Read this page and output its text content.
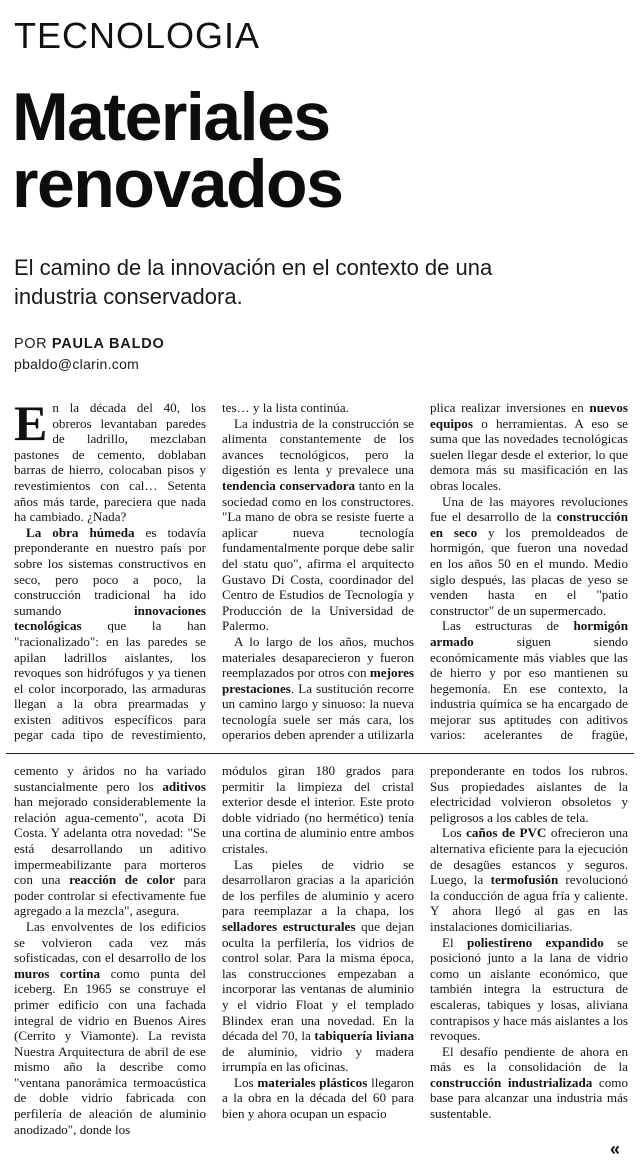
TECNOLOGIA
Materiales
renovados
El camino de la innovación en el contexto de una industria conservadora.
POR PAULA BALDO
pbaldo@clarin.com

En la década del 40, los obreros levantaban paredes de ladrillo, mezclaban pastones de cemento, doblaban barras de hierro, colocaban pisos y revestimientos con cal… Setenta años más tarde, pareciera que nada ha cambiado. ¿Nada?

La obra húmeda es todavía preponderante en nuestro país por sobre los sistemas constructivos en seco, pero poco a poco, la construcción tradicional ha ido sumando innovaciones tecnológicas que la han "racionalizado": en las paredes se apilan ladrillos aislantes, los revoques son hidrófugos y ya tienen el color incorporado, las armaduras llegan a la obra prearmadas y existen aditivos específicos para pegar cada tipo de revestimiento,

tes… y la lista continúa.

La industria de la construcción se alimenta constantemente de los avances tecnológicos, pero la digestión es lenta y prevalece una tendencia conservadora tanto en la sociedad como en los constructores. "La mano de obra se resiste fuerte a aplicar nueva tecnología fundamentalmente porque debe salir del statu quo", afirma el arquitecto Gustavo Di Costa, coordinador del Centro de Estudios de Tecnología y Producción de la Universidad de Palermo.

A lo largo de los años, muchos materiales desaparecieron y fueron reemplazados por otros con mejores prestaciones. La sustitución recorre un camino largo y sinuoso: la nueva tecnología suele ser más cara, los operarios deben aprender a utilizarla

plica realizar inversiones en nuevos equipos o herramientas. A eso se suma que las novedades tecnológicas suelen llegar desde el exterior, lo que demora más su masificación en las obras locales.

Una de las mayores revoluciones fue el desarrollo de la construcción en seco y los premoldeados de hormigón, que fueron una novedad en los años 50 en el mundo. Medio siglo después, las placas de yeso se venden hasta en el "patio constructor" de un supermercado.

Las estructuras de hormigón armado	siguen siendo económicamente más viables que las de hierro y por eso mantienen su hegemonía. En ese contexto, la industria química se ha encargado de mejorar sus aptitudes con aditivos varios: acelerantes de fragüe,

cemento y áridos no ha variado sustancialmente pero los aditivos han mejorado considerablemente la relación agua-cemento", acota Di Costa. Y adelanta otra novedad: "Se está desarrollando un aditivo impermeabilizante para morteros con una reacción de color para poder controlar si efectivamente fue agregado a la mezcla", asegura.

Las envolventes de los edificios se volvieron cada vez más sofisticadas, con el desarrollo de los muros cortina como punta del iceberg. En 1965 se construye el primer edificio con una fachada integral de vidrio en Buenos Aires (Cerrito y Viamonte). La revista Nuestra Arquitectura de abril de ese mismo año la describe como "ventana panorámica termoacústica de doble vidrio fabricada con perfilería de aleación de aluminio anodizado", donde los

módulos giran 180 grados para permitir la limpieza del cristal exterior desde el interior. Este proto doble vidriado (no hermético) tenía una cortina de aluminio entre ambos cristales.

Las pieles de vidrio se desarrollaron gracias a la aparición de los perfiles de aluminio y acero para reemplazar a la chapa, los selladores estructurales que dejan oculta la perfilería, los vidrios de control solar. Para la misma época, las construcciones empezaban a incorporar las ventanas de aluminio y el vidrio Float y el templado Blindex eran una novedad. En la década del 70, la tabiquería liviana de aluminio, vidrio y madera irrumpía en las oficinas.

Los materiales plásticos llegaron a la obra en la década del 60 para bien y ahora ocupan un espacio

preponderante en todos los rubros. Sus propiedades aislantes de la electricidad volvieron obsoletos y peligrosos a los cables de tela.

Los caños de PVC ofrecieron una alternativa eficiente para la ejecución de desagües estancos y seguros. Luego, la termofusión revolucionó la conducción de agua fría y caliente. Y ahora llegó al gas en las instalaciones domiciliarias.

El poliestireno expandido se posicionó junto a la lana de vidrio como un aislante económico, que también integra la estructura de escaleras, tabiques y losas, aliviana contrapisos y hace más aislantes a los revoques.

El desafío pendiente de ahora en más es la consolidación de la construcción industrializada como base para alcanzar una industria más sustentable.

«
